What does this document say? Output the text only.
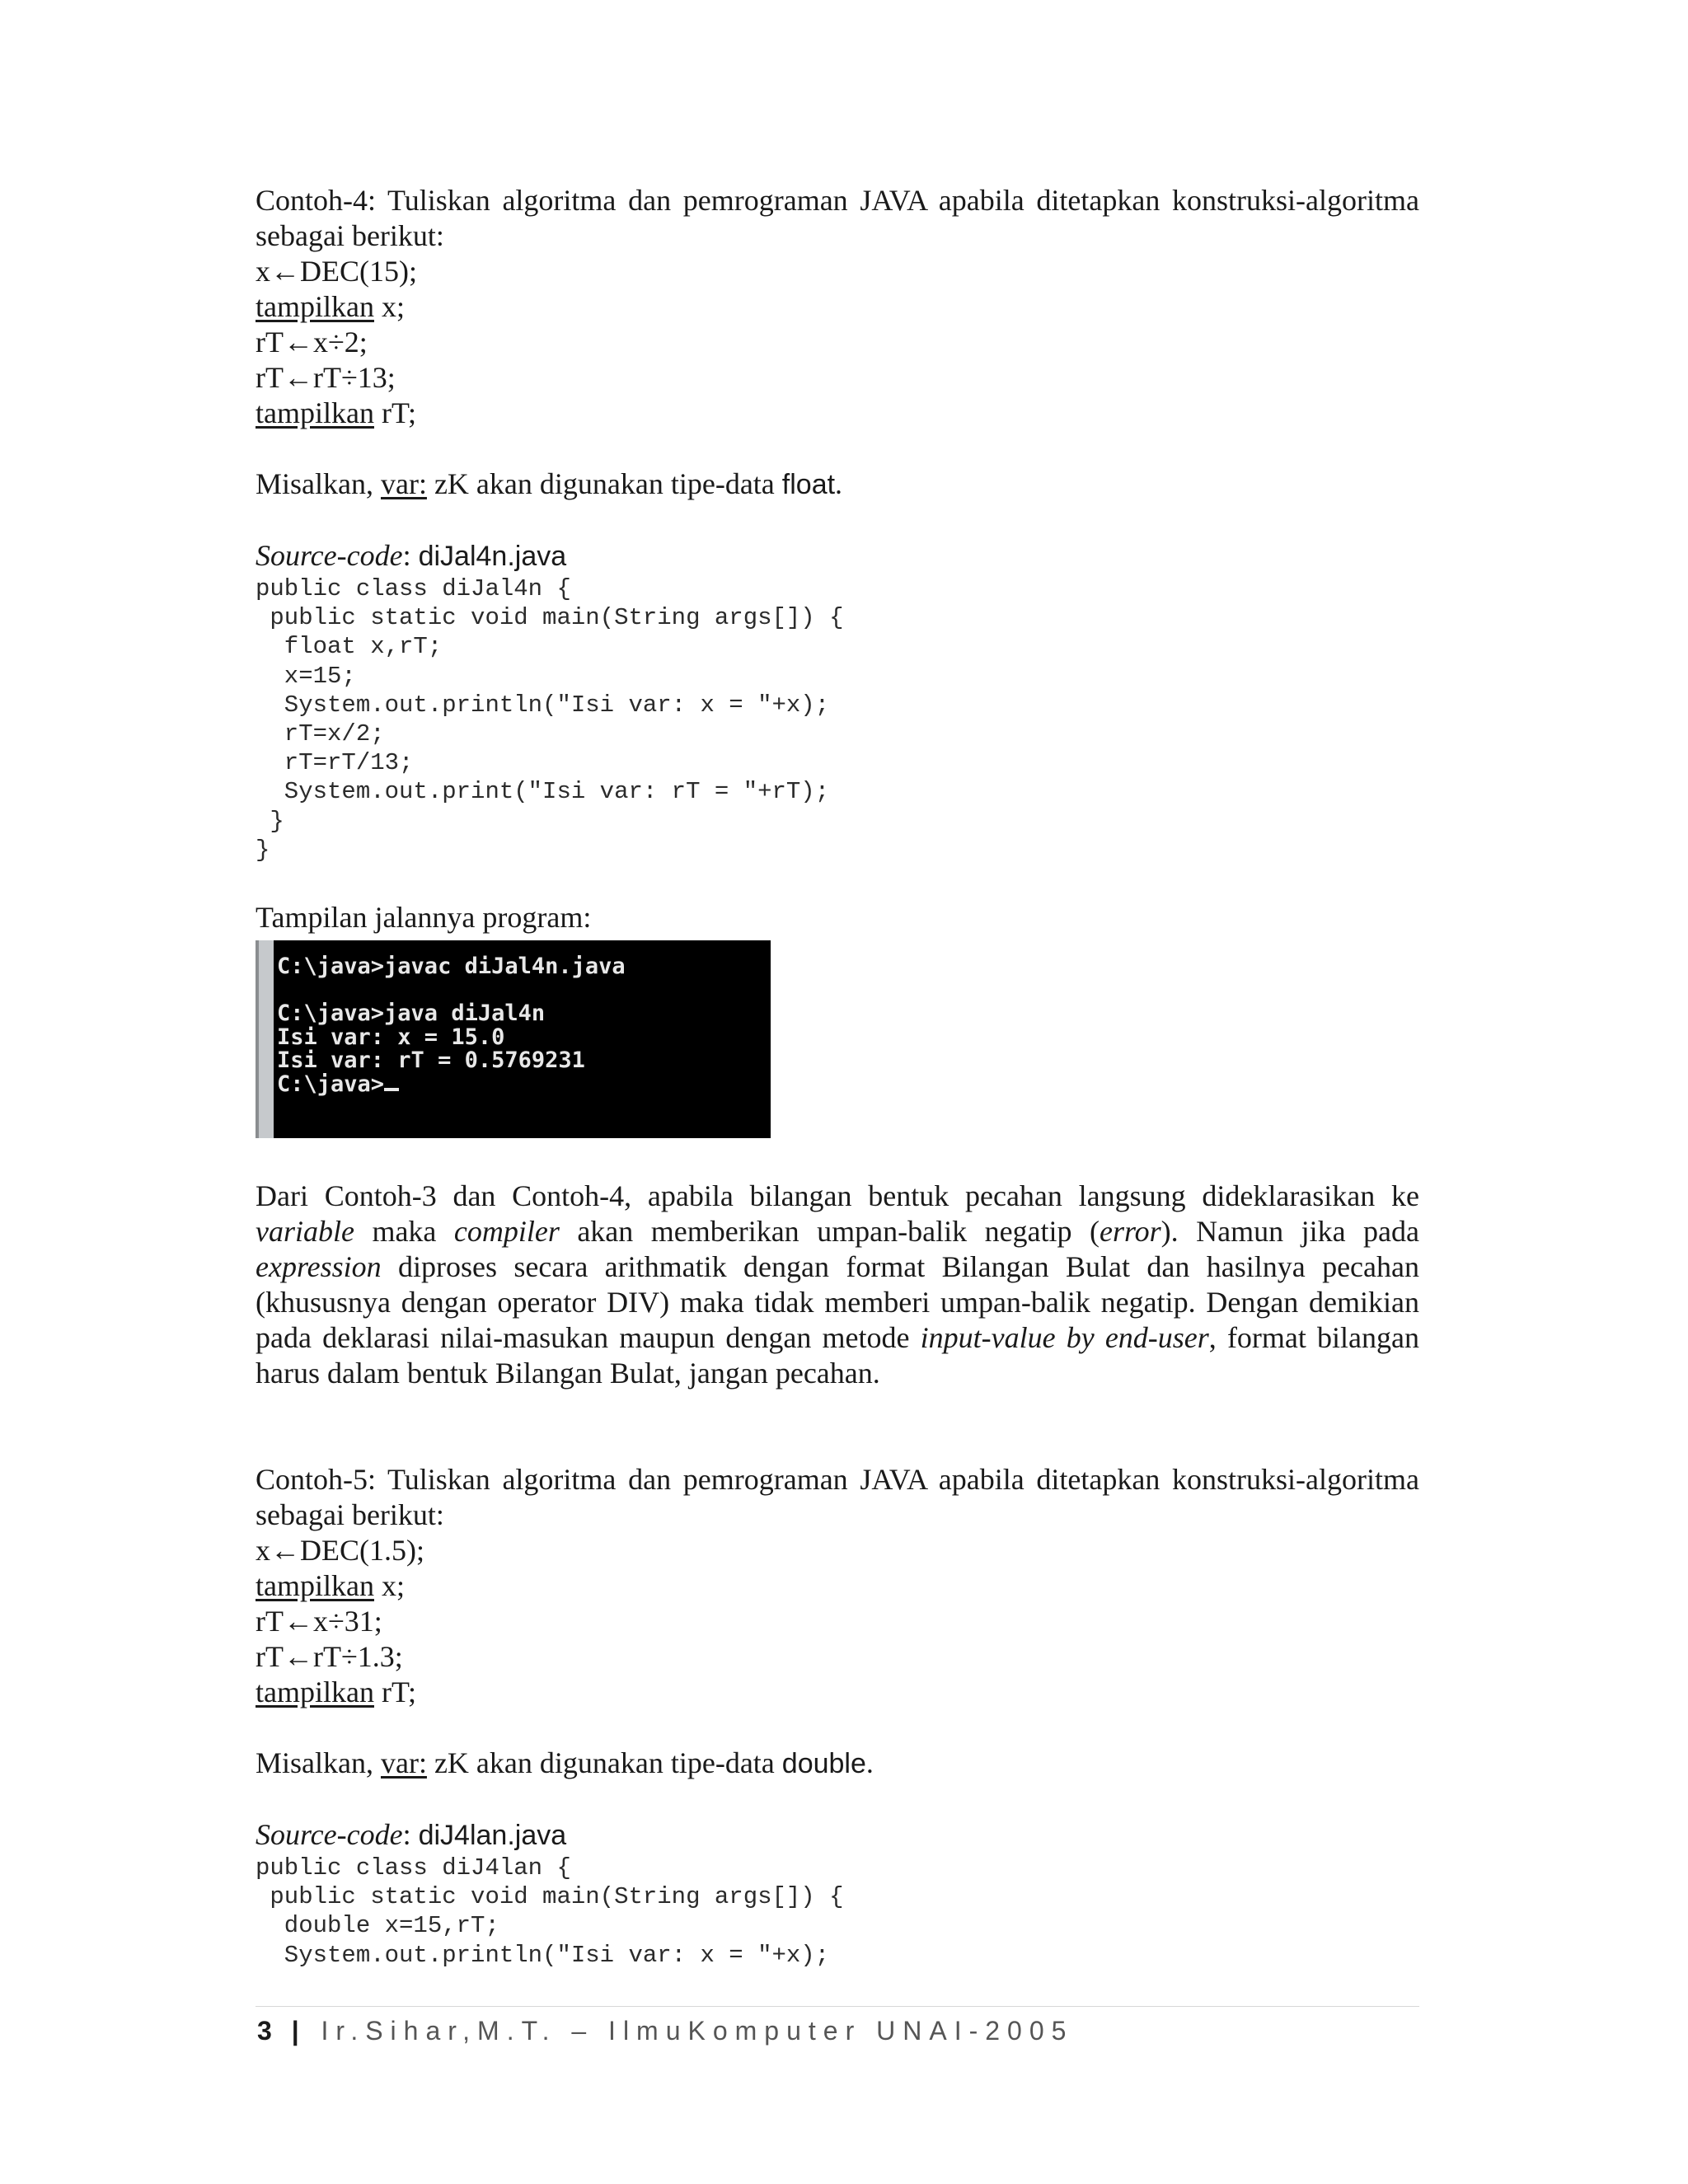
Contoh-4: Tuliskan algoritma dan pemrograman JAVA apabila ditetapkan konstruksi-algoritma sebagai berikut:

x←DEC(15);

tampilkan x;

rT←x÷2;

rT←rT÷13;

tampilkan rT;

Misalkan, var: zK akan digunakan tipe-data float.

Source-code: diJal4n.java

public class diJal4n {
public static void main(String args[]) {
float x,rT;
x=15;
System.out.println("Isi var: x = "+x);
rT=x/2;
rT=rT/13;
System.out.print("Isi var: rT = "+rT);
}
}

Tampilan jalannya program:

C:\java>javac diJal4n.java

C:\java>java diJal4n
Isi var: x = 15.0
Isi var: rT = 0.5769231
C:\java>

Dari Contoh-3 dan Contoh-4, apabila bilangan bentuk pecahan langsung dideklarasikan ke variable maka compiler akan memberikan umpan-balik negatip (error). Namun jika pada expression diproses secara arithmatik dengan format Bilangan Bulat dan hasilnya pecahan (khususnya dengan operator DIV) maka tidak memberi umpan-balik negatip. Dengan demikian pada deklarasi nilai-masukan maupun dengan metode input-value by end-user, format bilangan harus dalam bentuk Bilangan Bulat, jangan pecahan.

Contoh-5: Tuliskan algoritma dan pemrograman JAVA apabila ditetapkan konstruksi-algoritma sebagai berikut:

x←DEC(1.5);

tampilkan x;

rT←x÷31;

rT←rT÷1.3;

tampilkan rT;

Misalkan, var: zK akan digunakan tipe-data double.

Source-code: diJ4lan.java

public class diJ4lan {
public static void main(String args[]) {
double x=15,rT;
System.out.println("Isi var: x = "+x);
3 | Ir.Sihar,M.T. – IlmuKomputer UNAI-2005
